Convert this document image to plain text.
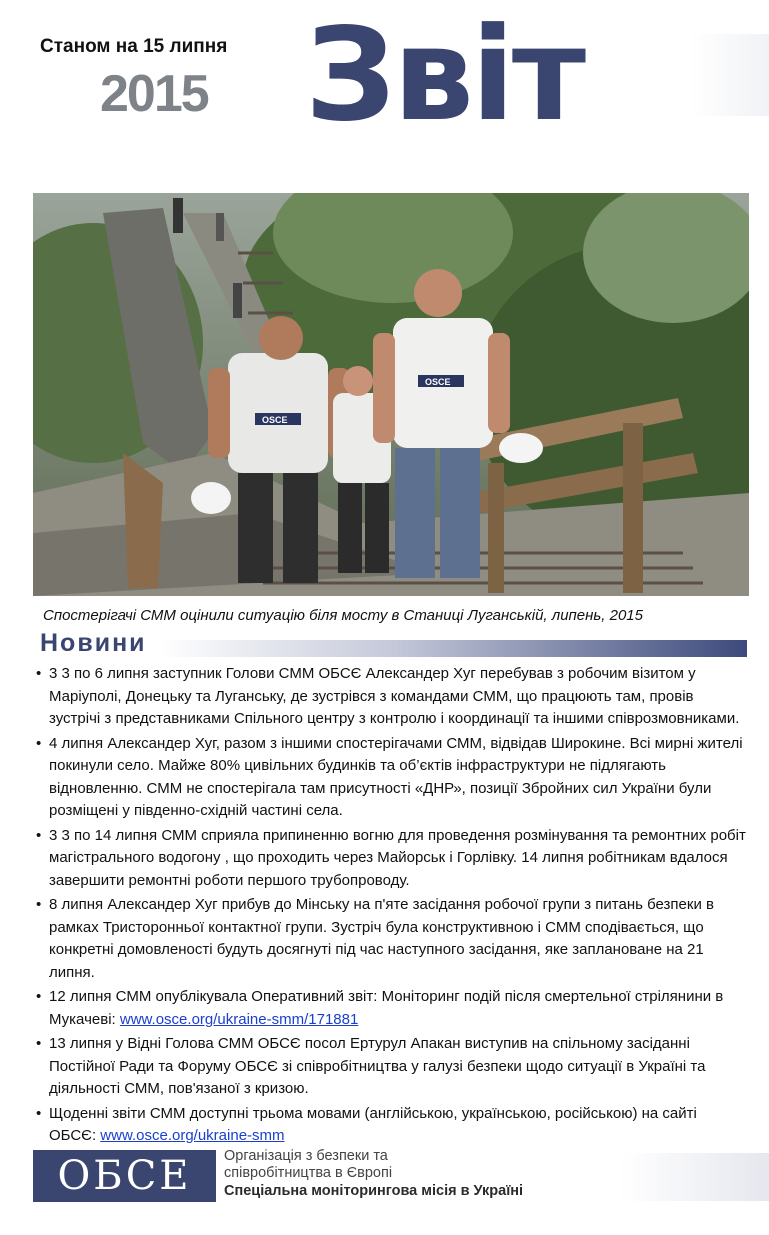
Станом на 15 липня
2015 Звіт
OSCE
OSCE
Спостерігачі СММ оцінили ситуацію біля мосту в Станиці Луганській, липень, 2015
Новини
• 3 3 по 6 липня заступник Голови СММ ОБСЄ Александер Хуг перебував з робочим візитом у Маріуполі, Донецьку та Луганську, де зустрівся з командами СММ, що працюють там, провів зустрічі з представниками Спільного центру з контролю і координації та іншими співрозмовниками.
• 4 липня Александер Хуг, разом з іншими спостерігачами СММ, відвідав Широкине. Всі мирні жителі покинули село. Майже 80% цивільних будинків та об’єктів інфраструктури не підлягають відновленню. СММ не спостерігала там присутності «ДНР», позиції Збройних сил України були розміщені у південно-східній частині села.
• 3 3 по 14 липня СММ сприяла припиненню вогню для проведення розмінування та ремонтних робіт магістрального водогону , що проходить через Майорськ і Горлівку. 14 липня робітникам вдалося завершити ремонтні роботи першого трубопроводу.
• 8 липня Александер Хуг прибув до Мінську на п'яте засідання робочої групи з питань безпеки в рамках Тристоронньої контактної групи. Зустріч була конструктивною і СММ сподівається, що конкретні домовленості будуть досягнуті під час наступного засідання, яке заплановане на 21 липня.
• 12 липня СММ опублікувала Оперативний звіт: Моніторинг подій після смертельної стрілянини в Мукачеві: www.osce.org/ukraine-smm/171881
• 13 липня у Відні Голова СММ ОБСЄ посол Ертурул Апакан виступив на спільному засіданні Постійної Ради та Форуму ОБСЄ зі співробітництва у галузі безпеки щодо ситуації в Україні та діяльності СММ, пов'язаної з кризою.
• Щоденні звіти СММ доступні трьома мовами (англійською, українською, російською) на сайті ОБСЄ: www.osce.org/ukraine-smm
ОБСЕ	Організація з безпеки та
співробітництва в Європі
Спеціальна моніторингова місія в Україні
